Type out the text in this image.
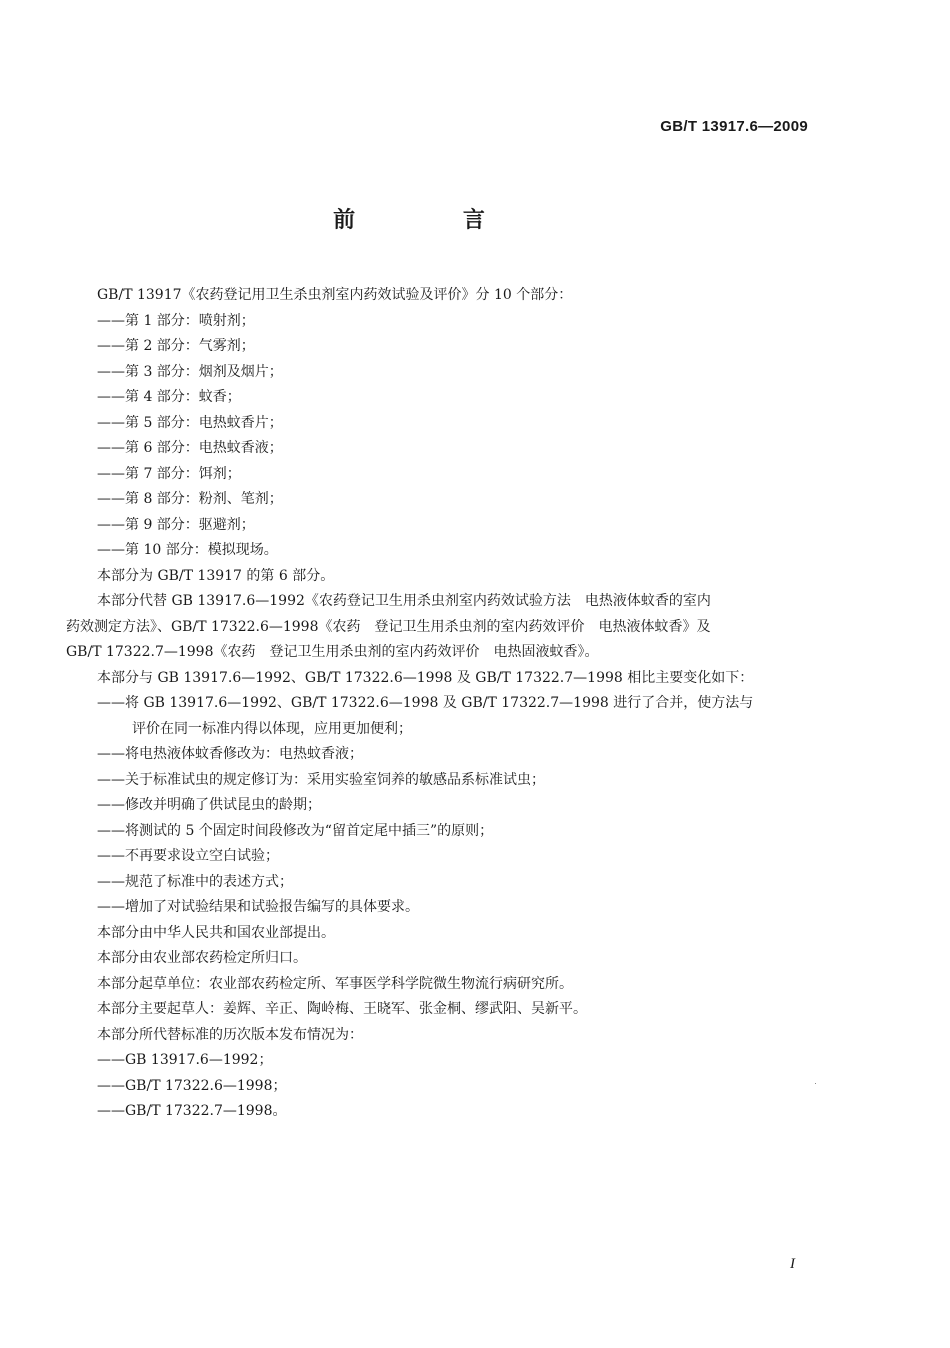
GB/T 13917.6—2009
前 言
GB/T 13917《农药登记用卫生杀虫剂室内药效试验及评价》分 10 个部分：
——第 1 部分：喷射剂；
——第 2 部分：气雾剂；
——第 3 部分：烟剂及烟片；
——第 4 部分：蚊香；
——第 5 部分：电热蚊香片；
——第 6 部分：电热蚊香液；
——第 7 部分：饵剂；
——第 8 部分：粉剂、笔剂；
——第 9 部分：驱避剂；
——第 10 部分：模拟现场。
本部分为 GB/T 13917 的第 6 部分。
本部分代替 GB 13917.6—1992《农药登记卫生用杀虫剂室内药效试验方法　电热液体蚊香的室内
药效测定方法》、GB/T 17322.6—1998《农药　登记卫生用杀虫剂的室内药效评价　电热液体蚊香》及
GB/T 17322.7—1998《农药　登记卫生用杀虫剂的室内药效评价　电热固液蚊香》。
本部分与 GB 13917.6—1992、GB/T 17322.6—1998 及 GB/T 17322.7—1998 相比主要变化如下：
——将 GB 13917.6—1992、GB/T 17322.6—1998 及 GB/T 17322.7—1998 进行了合并，使方法与
评价在同一标准内得以体现，应用更加便利；
——将电热液体蚊香修改为：电热蚊香液；
——关于标准试虫的规定修订为：采用实验室饲养的敏感品系标准试虫；
——修改并明确了供试昆虫的龄期；
——将测试的 5 个固定时间段修改为“留首定尾中插三”的原则；
——不再要求设立空白试验；
——规范了标准中的表述方式；
——增加了对试验结果和试验报告编写的具体要求。
本部分由中华人民共和国农业部提出。
本部分由农业部农药检定所归口。
本部分起草单位：农业部农药检定所、军事医学科学院微生物流行病研究所。
本部分主要起草人：姜辉、辛正、陶岭梅、王晓军、张金桐、缪武阳、吴新平。
本部分所代替标准的历次版本发布情况为：
——GB 13917.6—1992；
——GB/T 17322.6—1998；
——GB/T 17322.7—1998。
I
